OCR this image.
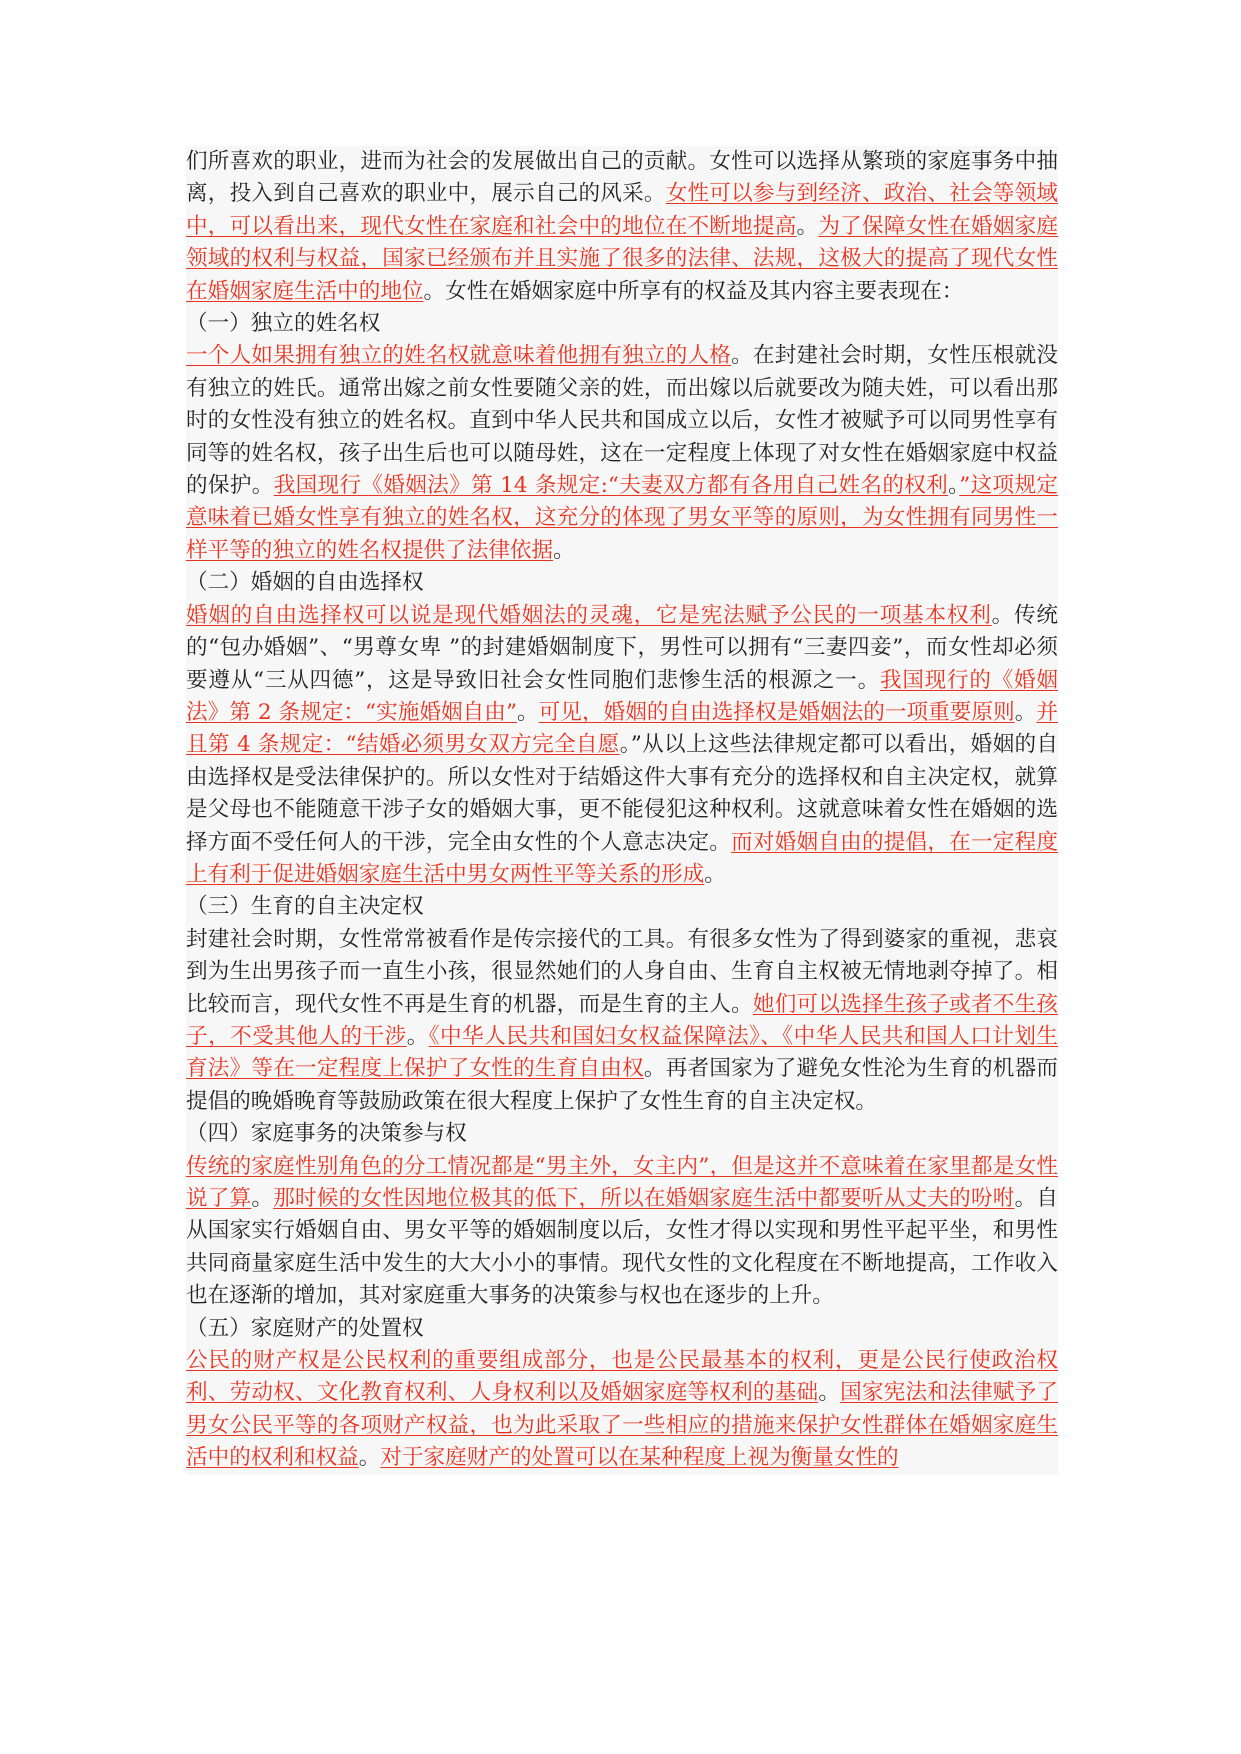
们所喜欢的职业，进而为社会的发展做出自己的贡献。女性可以选择从繁琐的家庭事务中抽离，投入到自己喜欢的职业中，展示自己的风采。女性可以参与到经济、政治、社会等领域中，可以看出来，现代女性在家庭和社会中的地位在不断地提高。为了保障女性在婚姻家庭领域的权利与权益，国家已经颁布并且实施了很多的法律、法规，这极大的提高了现代女性在婚姻家庭生活中的地位。女性在婚姻家庭中所享有的权益及其内容主要表现在：
（一）独立的姓名权
一个人如果拥有独立的姓名权就意味着他拥有独立的人格。在封建社会时期，女性压根就没有独立的姓氏。通常出嫁之前女性要随父亲的姓，而出嫁以后就要改为随夫姓，可以看出那时的女性没有独立的姓名权。直到中华人民共和国成立以后，女性才被赋予可以同男性享有同等的姓名权，孩子出生后也可以随母姓，这在一定程度上体现了对女性在婚姻家庭中权益的保护。我国现行《婚姻法》第 14 条规定:“夫妻双方都有各用自己姓名的权利。”这项规定意味着已婚女性享有独立的姓名权，这充分的体现了男女平等的原则，为女性拥有同男性一样平等的独立的姓名权提供了法律依据。
（二）婚姻的自由选择权
婚姻的自由选择权可以说是现代婚姻法的灵魂，它是宪法赋予公民的一项基本权利。传统的“包办婚姻”、“男尊女卑 ”的封建婚姻制度下，男性可以拥有“三妻四妾”，而女性却必须要遵从“三从四德”，这是导致旧社会女性同胞们悲惨生活的根源之一。我国现行的《婚姻法》第 2 条规定：“实施婚姻自由”。可见，婚姻的自由选择权是婚姻法的一项重要原则。并且第 4 条规定：“结婚必须男女双方完全自愿。”从以上这些法律规定都可以看出，婚姻的自由选择权是受法律保护的。所以女性对于结婚这件大事有充分的选择权和自主决定权，就算是父母也不能随意干涉子女的婚姻大事，更不能侵犯这种权利。这就意味着女性在婚姻的选择方面不受任何人的干涉，完全由女性的个人意志决定。而对婚姻自由的提倡，在一定程度上有利于促进婚姻家庭生活中男女两性平等关系的形成。
（三）生育的自主决定权
封建社会时期，女性常常被看作是传宗接代的工具。有很多女性为了得到婆家的重视，悲哀到为生出男孩子而一直生小孩，很显然她们的人身自由、生育自主权被无情地剥夺掉了。相比较而言，现代女性不再是生育的机器，而是生育的主人。她们可以选择生孩子或者不生孩子，不受其他人的干涉。《中华人民共和国妇女权益保障法》、《中华人民共和国人口计划生育法》等在一定程度上保护了女性的生育自由权。再者国家为了避免女性沦为生育的机器而提倡的晚婚晚育等鼓励政策在很大程度上保护了女性生育的自主决定权。
（四）家庭事务的决策参与权
传统的家庭性别角色的分工情况都是“男主外，女主内”，但是这并不意味着在家里都是女性说了算。那时候的女性因地位极其的低下，所以在婚姻家庭生活中都要听从丈夫的吩咐。自从国家实行婚姻自由、男女平等的婚姻制度以后，女性才得以实现和男性平起平坐，和男性共同商量家庭生活中发生的大大小小的事情。现代女性的文化程度在不断地提高，工作收入也在逐渐的增加，其对家庭重大事务的决策参与权也在逐步的上升。
（五）家庭财产的处置权
公民的财产权是公民权利的重要组成部分，也是公民最基本的权利，更是公民行使政治权利、劳动权、文化教育权利、人身权利以及婚姻家庭等权利的基础。国家宪法和法律赋予了男女公民平等的各项财产权益，也为此采取了一些相应的措施来保护女性群体在婚姻家庭生活中的权利和权益。对于家庭财产的处置可以在某种程度上视为衡量女性的
